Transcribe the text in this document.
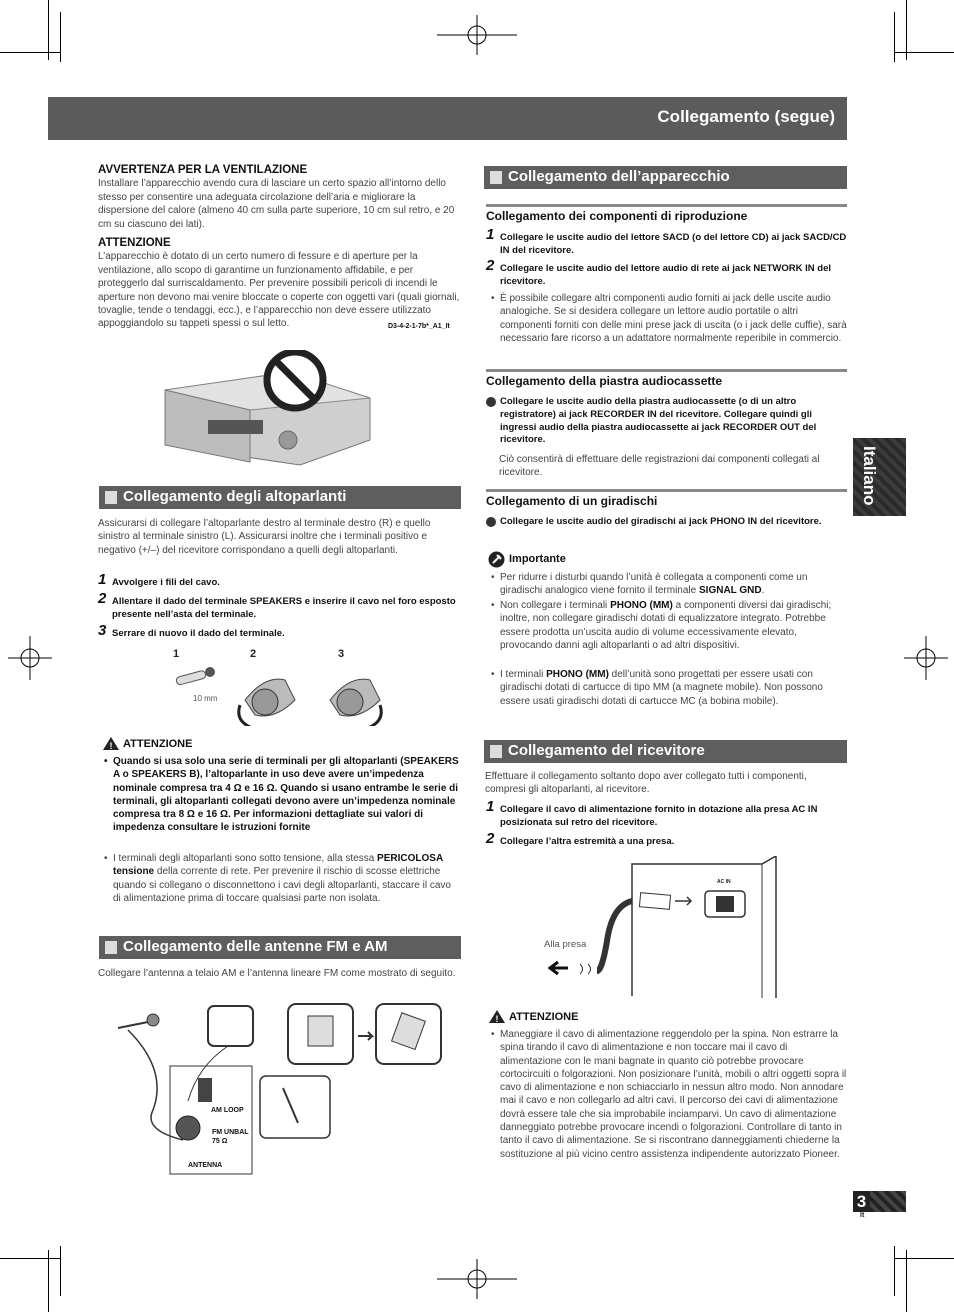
Collegamento (segue)
Italiano
AVVERTENZA PER LA VENTILAZIONE
Installare l’apparecchio avendo cura di lasciare un certo spazio all’intorno dello stesso per consentire una adeguata circolazione dell’aria e migliorare la dispersione del calore (almeno 40 cm sulla parte superiore, 10 cm sul retro, e 20 cm su ciascuno dei lati).
ATTENZIONE
L’apparecchio è dotato di un certo numero di fessure e di aperture per la ventilazione, allo scopo di garantirne un funzionamento affidabile, e per proteggerlo dal surriscaldamento. Per prevenire possibili pericoli di incendi le aperture non devono mai venire bloccate o coperte con oggetti vari (quali giornali, tovaglie, tende o tendaggi, ecc.), e l’apparecchio non deve essere utilizzato appoggiandolo su tappeti spessi o sul letto.	D3-4-2-1-7b*_A1_It
Collegamento degli altoparlanti
Assicurarsi di collegare l’altoparlante destro al terminale destro (R) e quello sinistro al terminale sinistro (L). Assicurarsi inoltre che i terminali positivo e negativo (+/–) del ricevitore corrispondano a quelli degli altoparlanti.
1 Avvolgere i fili del cavo.
2 Allentare il dado del terminale SPEAKERS e inserire il cavo nel foro esposto presente nell’asta del terminale.
3 Serrare di nuovo il dado del terminale.
1	2	3
10 mm
! ATTENZIONE
• Quando si usa solo una serie di terminali per gli altoparlanti (SPEAKERS A o SPEAKERS B), l’altoparlante in uso deve avere un’impedenza nominale compresa tra 4 Ω e 16 Ω. Quando si usano entrambe le serie di terminali, gli altoparlanti collegati devono avere un’impedenza nominale compresa tra 8 Ω e 16 Ω. Per informazioni dettagliate sui valori di impedenza consultare le istruzioni fornite
• I terminali degli altoparlanti sono sotto tensione, alla stessa PERICOLOSA tensione della corrente di rete. Per prevenire il rischio di scosse elettriche quando si collegano o disconnettono i cavi degli altoparlanti, staccare il cavo di alimentazione prima di toccare qualsiasi parte non isolata.
Collegamento delle antenne FM e AM
Collegare l’antenna a telaio AM e l’antenna lineare FM come mostrato di seguito.
AM LOOP
FM UNBAL 75 Ω
ANTENNA
Collegamento dell’apparecchio
Collegamento dei componenti di riproduzione
1 Collegare le uscite audio del lettore SACD (o del lettore CD) ai jack SACD/CD IN del ricevitore.
2 Collegare le uscite audio del lettore audio di rete ai jack NETWORK IN del ricevitore.
• È possibile collegare altri componenti audio forniti ai jack delle uscite audio analogiche. Se si desidera collegare un lettore audio portatile o altri componenti forniti con delle mini prese jack di uscita (o i jack delle cuffie), sarà necessario fare ricorso a un adattatore normalmente reperibile in commercio.
Collegamento della piastra audiocassette
Collegare le uscite audio della piastra audiocassette (o di un altro registratore) ai jack RECORDER IN del ricevitore. Collegare quindi gli ingressi audio della piastra audiocassette ai jack RECORDER OUT del ricevitore.
Ciò consentirà di effettuare delle registrazioni dai componenti collegati al ricevitore.
Collegamento di un giradischi
Collegare le uscite audio del giradischi ai jack PHONO IN del ricevitore.
Importante
• Per ridurre i disturbi quando l’unità è collegata a componenti come un giradischi analogico viene fornito il terminale SIGNAL GND.
• Non collegare i terminali PHONO (MM) a componenti diversi dai giradischi; inoltre, non collegare giradischi dotati di equalizzatore integrato. Potrebbe essere prodotta un’uscita audio di volume eccessivamente elevato, provocando danni agli altoparlanti o ad altri dispositivi.
• I terminali PHONO (MM) dell’unità sono progettati per essere usati con giradischi dotati di cartucce di tipo MM (a magnete mobile). Non possono essere usati giradischi dotati di cartucce MC (a bobina mobile).
Collegamento del ricevitore
Effettuare il collegamento soltanto dopo aver collegato tutti i componenti, compresi gli altoparlanti, al ricevitore.
1 Collegare il cavo di alimentazione fornito in dotazione alla presa AC IN posizionata sul retro del ricevitore.
2 Collegare l’altra estremità a una presa.
AC IN
Alla presa
! ATTENZIONE
• Maneggiare il cavo di alimentazione reggendolo per la spina. Non estrarre la spina tirando il cavo di alimentazione e non toccare mai il cavo di alimentazione con le mani bagnate in quanto ciò potrebbe provocare cortocircuiti o folgorazioni. Non posizionare l’unità, mobili o altri oggetti sopra il cavo di alimentazione e non schiacciarlo in nessun altro modo. Non annodare mai il cavo e non collegarlo ad altri cavi. Il percorso dei cavi di alimentazione dovrà essere tale che sia improbabile inciamparvi. Un cavo di alimentazione danneggiato potrebbe provocare incendi o folgorazioni. Controllare di tanto in tanto il cavo di alimentazione. Se si riscontrano danneggiamenti chiederne la sostituzione al più vicino centro assistenza indipendente autorizzato Pioneer.
3
It
